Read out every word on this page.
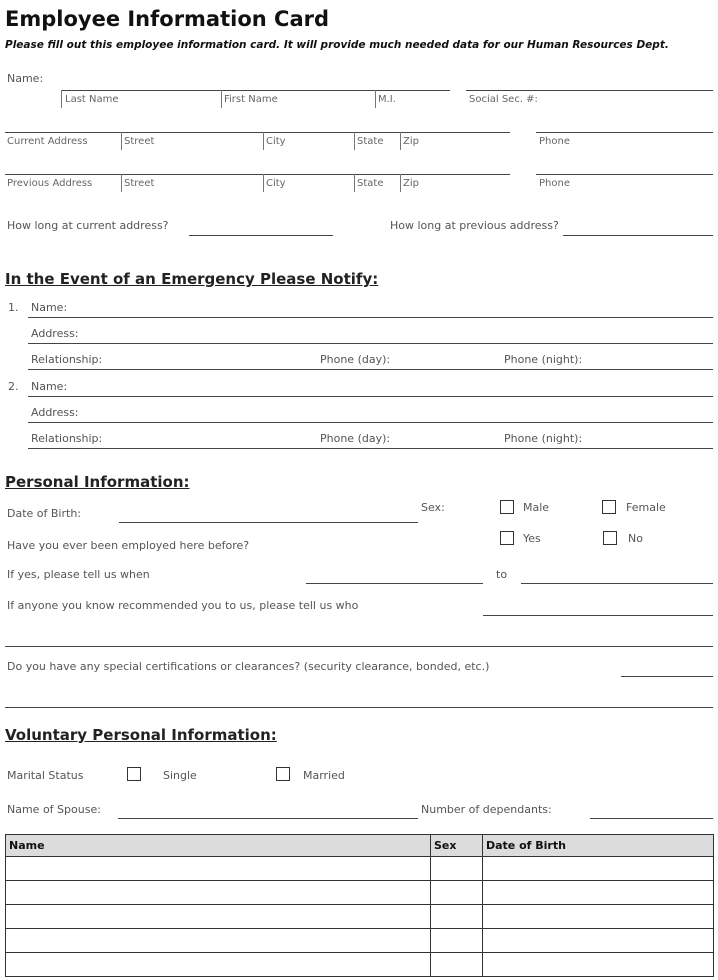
Employee Information Card
Please fill out this employee information card. It will provide much needed data for our Human Resources Dept.
Name:
Last Name	First Name	M.I.	Social Sec. #:
Current Address	Street	City	State Zip	Phone
Previous Address	Street	City	State Zip	Phone
How long at current address?	How long at previous address?
In the Event of an Emergency Please Notify:
1. Name:
Address:
Relationship:	Phone (day):	Phone (night):
2. Name:
Address:
Relationship:	Phone (day):	Phone (night):
Personal Information:
Date of Birth:	Sex:	Male	Female
Have you ever been employed here before?
Yes	No
If yes, please tell us when	to
If anyone you know recommended you to us, please tell us who
Do you have any special certifications or clearances? (security clearance, bonded, etc.)
Voluntary Personal Information:
Marital Status	Single	Married
Name of Spouse:	Number of dependants:
Name	Sex	Date of Birth
